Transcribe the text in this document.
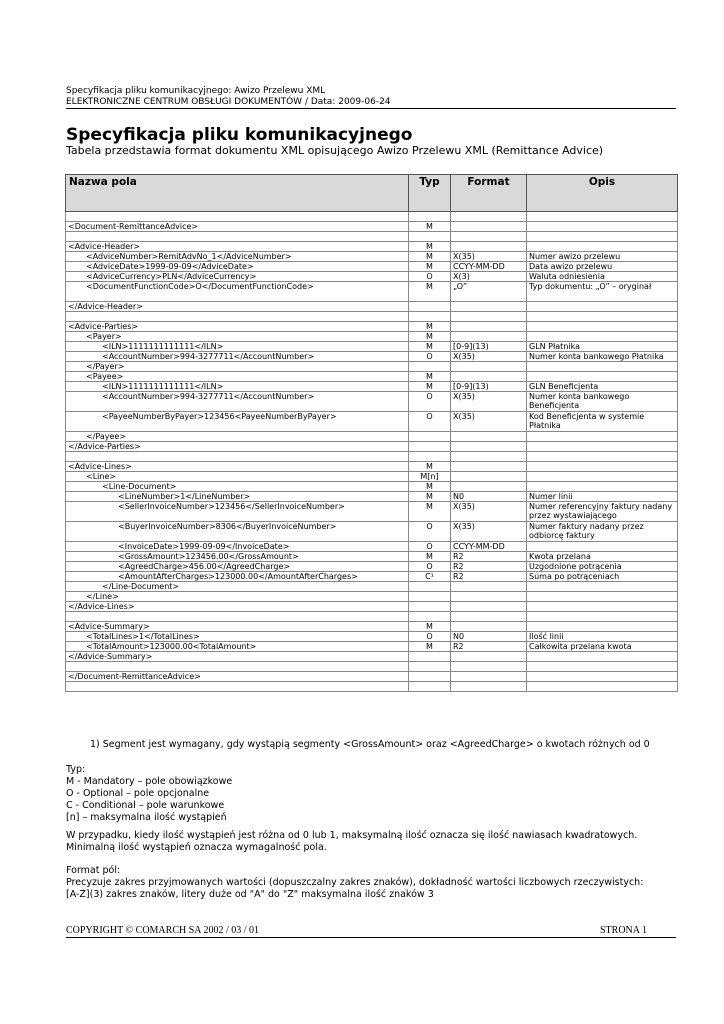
Specyfikacja pliku komunikacyjnego: Awizo Przelewu XML
ELEKTRONICZNE CENTRUM OBSŁUGI DOKUMENTÓW / Data: 2009-06-24
Specyfikacja pliku komunikacyjnego
Tabela przedstawia format dokumentu XML opisującego Awizo Przelewu XML (Remittance Advice)
Nazwa pola	Typ	Format	Opis

<Document-RemittanceAdvice>	M		

<Advice-Header>	M		
<AdviceNumber>RemitAdvNo_1</AdviceNumber>	M	X(35)	Numer awizo przelewu
<AdviceDate>1999-09-09</AdviceDate>	M	CCYY-MM-DD	Data awizo przelewu
<AdviceCurrency>PLN</AdviceCurrency>	O	X(3)	Waluta odniesienia
<DocumentFunctionCode>O</DocumentFunctionCode>	M	„O”	Typ dokumentu: „O” – oryginał
</Advice-Header>			

<Advice-Parties>	M		
<Payer>	M		
<ILN>1111111111111</ILN>	M	[0-9](13)	GLN Płatnika
<AccountNumber>994-3277711</AccountNumber>	O	X(35)	Numer konta bankowego Płatnika
</Payer>			
<Payee>	M		
<ILN>1111111111111</ILN>	M	[0-9](13)	GLN Beneficjenta
<AccountNumber>994-3277711</AccountNumber>	O	X(35)	Numer konta bankowego Beneficjenta
<PayeeNumberByPayer>123456<PayeeNumberByPayer>	O	X(35)	Kod Beneficjenta w systemie Płatnika
</Payee>			
</Advice-Parties>			

<Advice-Lines>	M		
<Line>	M[n]		
<Line-Document>	M		
<LineNumber>1</LineNumber>	M	N0	Numer linii
<SellerInvoiceNumber>123456</SellerInvoiceNumber>	M	X(35)	Numer referencyjny faktury nadany przez wystawiającego
<BuyerInvoiceNumber>8306</BuyerInvoiceNumber>	O	X(35)	Numer faktury nadany przez odbiorcę faktury
<InvoiceDate>1999-09-09</InvoiceDate>	O	CCYY-MM-DD	
<GrossAmount>123456.00</GrossAmount>	M	R2	Kwota przelana
<AgreedCharge>456.00</AgreedCharge>	O	R2	Uzgodnione potrącenia
<AmountAfterCharges>123000.00</AmountAfterCharges>	C¹	R2	Suma po potrąceniach
</Line-Document>			
</Line>			
</Advice-Lines>			

<Advice-Summary>	M		
<TotalLines>1</TotalLines>	O	N0	Ilość linii
<TotalAmount>123000.00<TotalAmount>	M	R2	Całkowita przelana kwota
</Advice-Summary>			

</Document-RemittanceAdvice>			

1) Segment jest wymagany, gdy wystąpią segmenty <GrossAmount> oraz <AgreedCharge> o kwotach różnych od 0

Typ:

M - Mandatory – pole obowiązkowe

O - Optional – pole opcjonalne

C - Conditional – pole warunkowe

[n] – maksymalna ilość wystąpień

W przypadku, kiedy ilość wystąpień jest różna od 0 lub 1, maksymalną ilość oznacza się ilość nawiasach kwadratowych.

Minimalną ilość wystąpień oznacza wymagalność pola.

Format pól:

Precyzuje zakres przyjmowanych wartości (dopuszczalny zakres znaków), dokładność wartości liczbowych rzeczywistych:

[A-Z](3) zakres znaków, litery duże od "A" do "Z" maksymalna ilość znaków 3

COPYRIGHT © COMARCH SA 2002 / 03 / 01	STRONA 1
